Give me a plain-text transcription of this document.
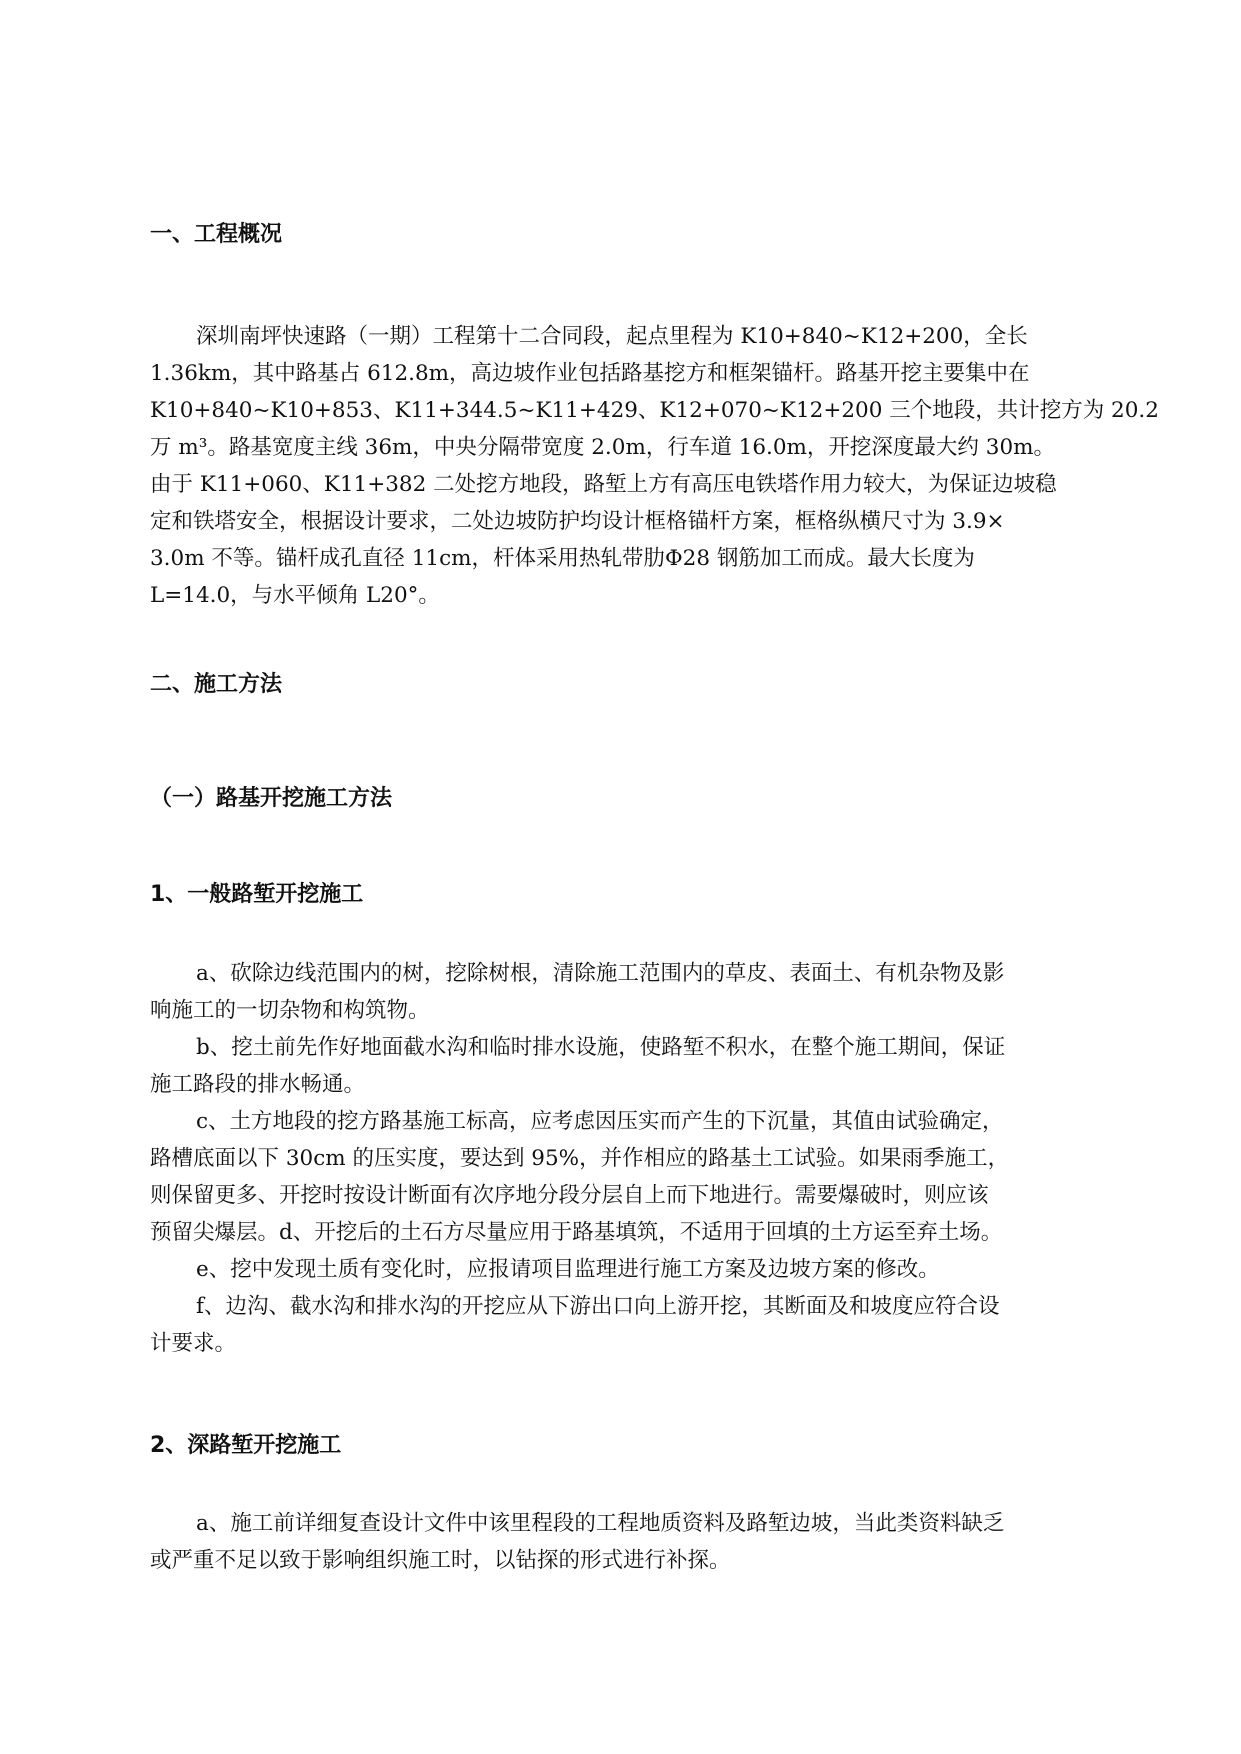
一、工程概况
深圳南坪快速路（一期）工程第十二合同段，起点里程为 K10+840~K12+200，全长
1.36km，其中路基占 612.8m，高边坡作业包括路基挖方和框架锚杆。路基开挖主要集中在
K10+840~K10+853、K11+344.5~K11+429、K12+070~K12+200 三个地段，共计挖方为 20.2
万 m³。路基宽度主线 36m，中央分隔带宽度 2.0m，行车道 16.0m，开挖深度最大约 30m。
由于 K11+060、K11+382 二处挖方地段，路堑上方有高压电铁塔作用力较大，为保证边坡稳
定和铁塔安全，根据设计要求，二处边坡防护均设计框格锚杆方案，框格纵横尺寸为 3.9×
3.0m 不等。锚杆成孔直径 11cm，杆体采用热轧带肋Φ28 钢筋加工而成。最大长度为
L=14.0，与水平倾角 L20°。
二、施工方法
（一）路基开挖施工方法
1、一般路堑开挖施工
a、砍除边线范围内的树，挖除树根，清除施工范围内的草皮、表面土、有机杂物及影
响施工的一切杂物和构筑物。
b、挖土前先作好地面截水沟和临时排水设施，使路堑不积水，在整个施工期间，保证
施工路段的排水畅通。
c、土方地段的挖方路基施工标高，应考虑因压实而产生的下沉量，其值由试验确定，
路槽底面以下 30cm 的压实度，要达到 95%，并作相应的路基土工试验。如果雨季施工，
则保留更多、开挖时按设计断面有次序地分段分层自上而下地进行。需要爆破时，则应该
预留尖爆层。d、开挖后的土石方尽量应用于路基填筑，不适用于回填的土方运至弃土场。
e、挖中发现土质有变化时，应报请项目监理进行施工方案及边坡方案的修改。
f、边沟、截水沟和排水沟的开挖应从下游出口向上游开挖，其断面及和坡度应符合设
计要求。
2、深路堑开挖施工
a、施工前详细复查设计文件中该里程段的工程地质资料及路堑边坡，当此类资料缺乏
或严重不足以致于影响组织施工时，以钻探的形式进行补探。
